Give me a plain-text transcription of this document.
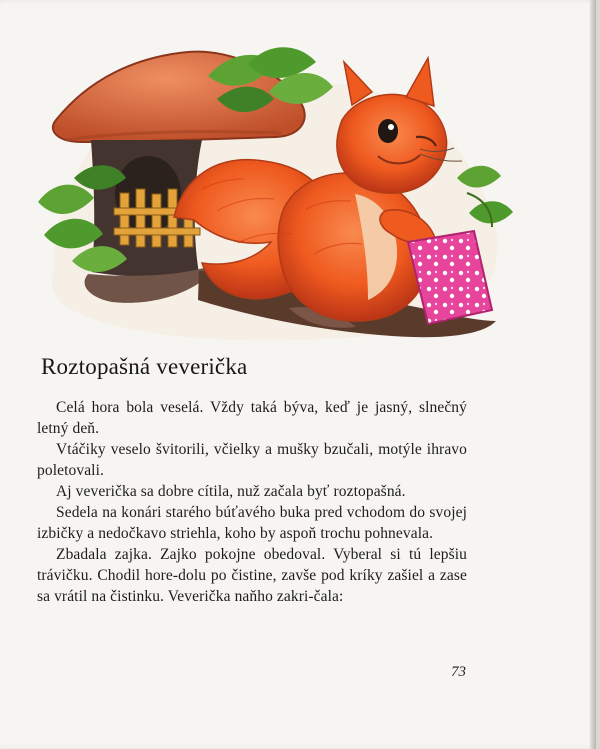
Roztopašná veverička

Celá hora bola veselá. Vždy taká býva, keď je jasný, slnečný letný deň.

Vtáčiky veselo švitorili, včielky a mušky bzučali, motýle ihravo poletovali.

Aj veverička sa dobre cítila, nuž začala byť roztopašná.

Sedela na konári starého búťavého buka pred vchodom do svojej izbičky a nedočkavo striehla, koho by aspoň trochu pohnevala.

Zbadala zajka. Zajko pokojne obedoval. Vyberal si tú lepšiu trávičku. Chodil hore-dolu po čistine, zavše pod kríky zašiel a zase sa vrátil na čistinku. Veverička naňho zakri-čala:

73
